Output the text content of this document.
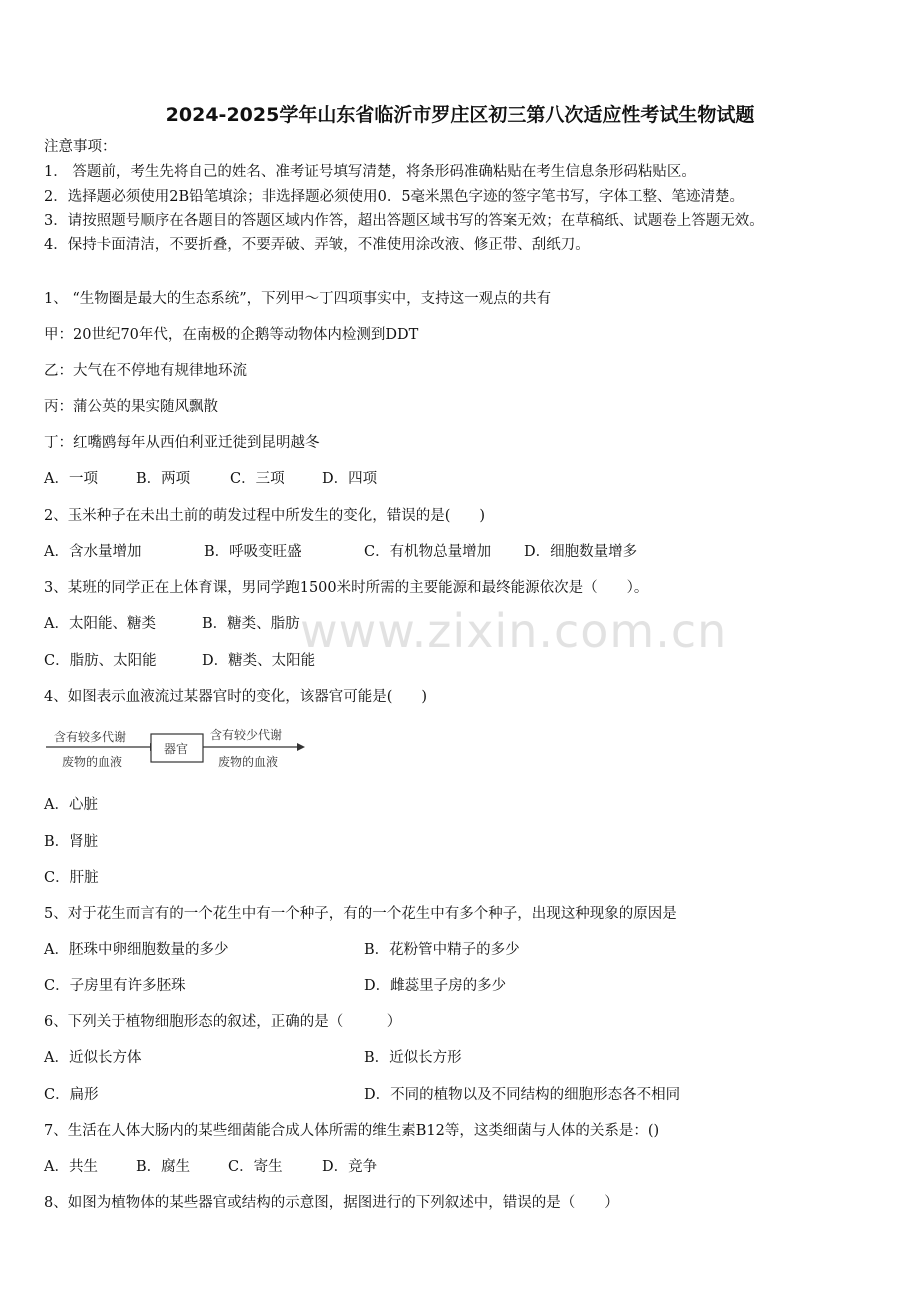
2024-2025学年山东省临沂市罗庄区初三第八次适应性考试生物试题
注意事项：
1． 答题前，考生先将自己的姓名、准考证号填写清楚，将条形码准确粘贴在考生信息条形码粘贴区。
2．选择题必须使用2B铅笔填涂；非选择题必须使用0．5毫米黑色字迹的签字笔书写，字体工整、笔迹清楚。
3．请按照题号顺序在各题目的答题区域内作答，超出答题区域书写的答案无效；在草稿纸、试题卷上答题无效。
4．保持卡面清洁，不要折叠，不要弄破、弄皱，不准使用涂改液、修正带、刮纸刀。
1、 “生物圈是最大的生态系统”，下列甲～丁四项事实中，支持这一观点的共有
甲：20世纪70年代，在南极的企鹅等动物体内检测到DDT
乙：大气在不停地有规律地环流
丙：蒲公英的果实随风飘散
丁：红嘴鸥每年从西伯利亚迁徙到昆明越冬
A．一项	B．两项	C．三项	D．四项
2、玉米种子在未出土前的萌发过程中所发生的变化，错误的是(　　)
A．含水量增加	B．呼吸变旺盛	C．有机物总量增加 D．细胞数量增多
3、某班的同学正在上体育课，男同学跑1500米时所需的主要能源和最终能源依次是（　　）。
A．太阳能、糖类	B．糖类、脂肪
C．脂肪、太阳能	D．糖类、太阳能
www.zixin.com.cn
4、如图表示血液流过某器官时的变化，该器官可能是(　　)
含有较多代谢
废物的血液
器官
含有较少代谢
废物的血液
A．心脏
B．肾脏
C．肝脏
5、对于花生而言有的一个花生中有一个种子，有的一个花生中有多个种子，出现这种现象的原因是
A．胚珠中卵细胞数量的多少	B．花粉管中精子的多少
C．子房里有许多胚珠	D．雌蕊里子房的多少
6、下列关于植物细胞形态的叙述，正确的是（　　　）
A．近似长方体	B．近似长方形
C．扁形	D．不同的植物以及不同结构的细胞形态各不相同
7、生活在人体大肠内的某些细菌能合成人体所需的维生素B12等，这类细菌与人体的关系是：()
A．共生	B．腐生	C．寄生	D．竞争
8、如图为植物体的某些器官或结构的示意图，据图进行的下列叙述中，错误的是（　　）
